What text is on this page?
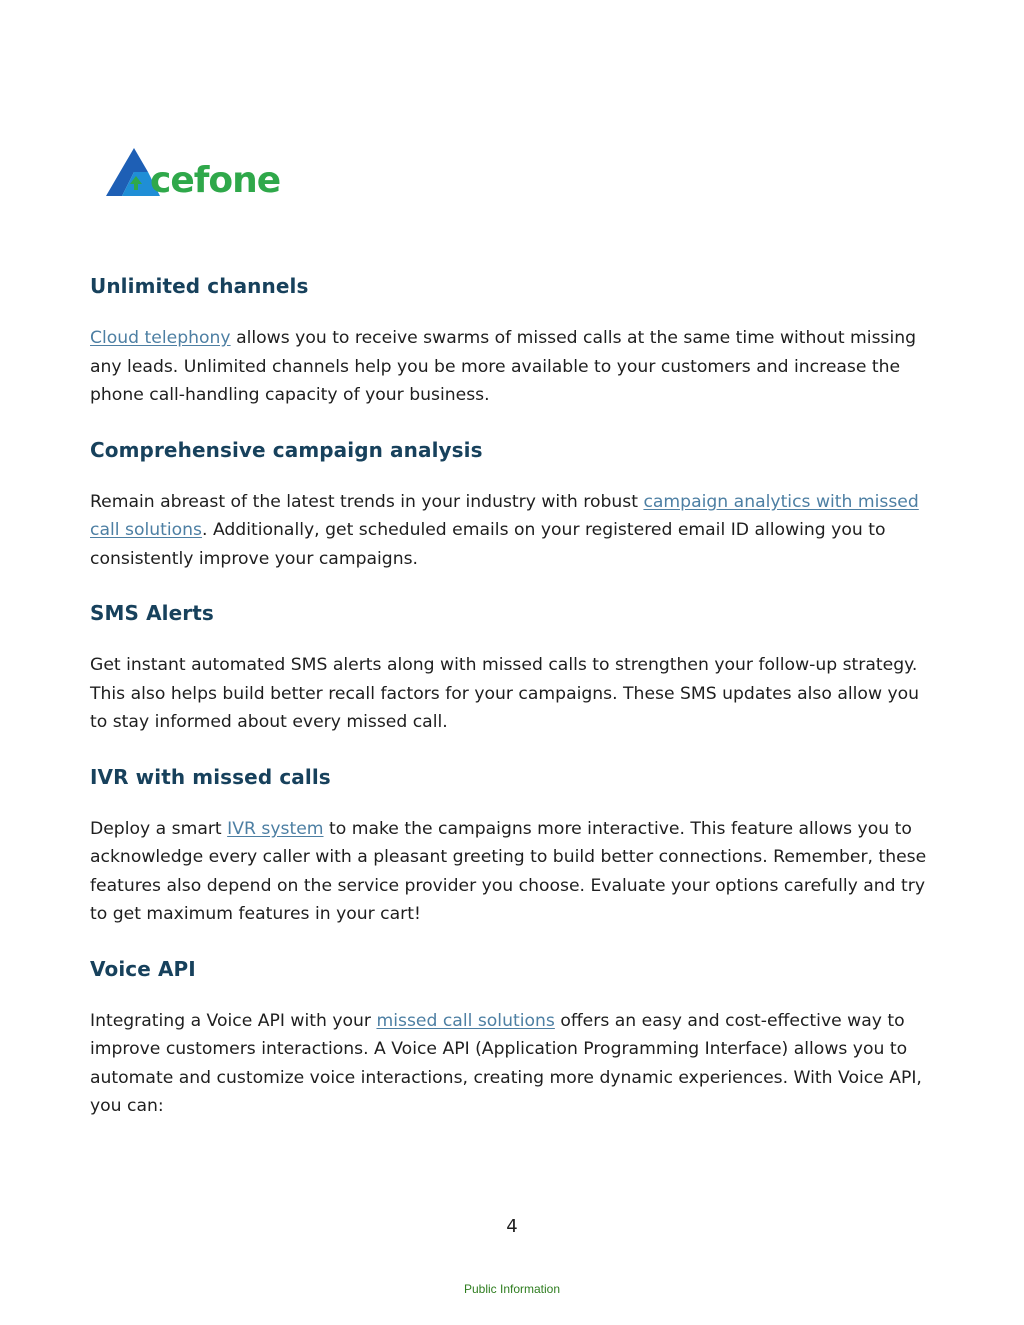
cefone
Unlimited channels

Cloud telephony allows you to receive swarms of missed calls at the same time without missing any leads. Unlimited channels help you be more available to your customers and increase the phone call-handling capacity of your business.

Comprehensive campaign analysis

Remain abreast of the latest trends in your industry with robust campaign analytics with missed call solutions. Additionally, get scheduled emails on your registered email ID allowing you to consistently improve your campaigns.

SMS Alerts

Get instant automated SMS alerts along with missed calls to strengthen your follow-up strategy. This also helps build better recall factors for your campaigns. These SMS updates also allow you to stay informed about every missed call.

IVR with missed calls

Deploy a smart IVR system to make the campaigns more interactive. This feature allows you to acknowledge every caller with a pleasant greeting to build better connections. Remember, these features also depend on the service provider you choose. Evaluate your options carefully and try to get maximum features in your cart!

Voice API

Integrating a Voice API with your missed call solutions offers an easy and cost-effective way to improve customers interactions. A Voice API (Application Programming Interface) allows you to automate and customize voice interactions, creating more dynamic experiences. With Voice API, you can:

4
Public Information
